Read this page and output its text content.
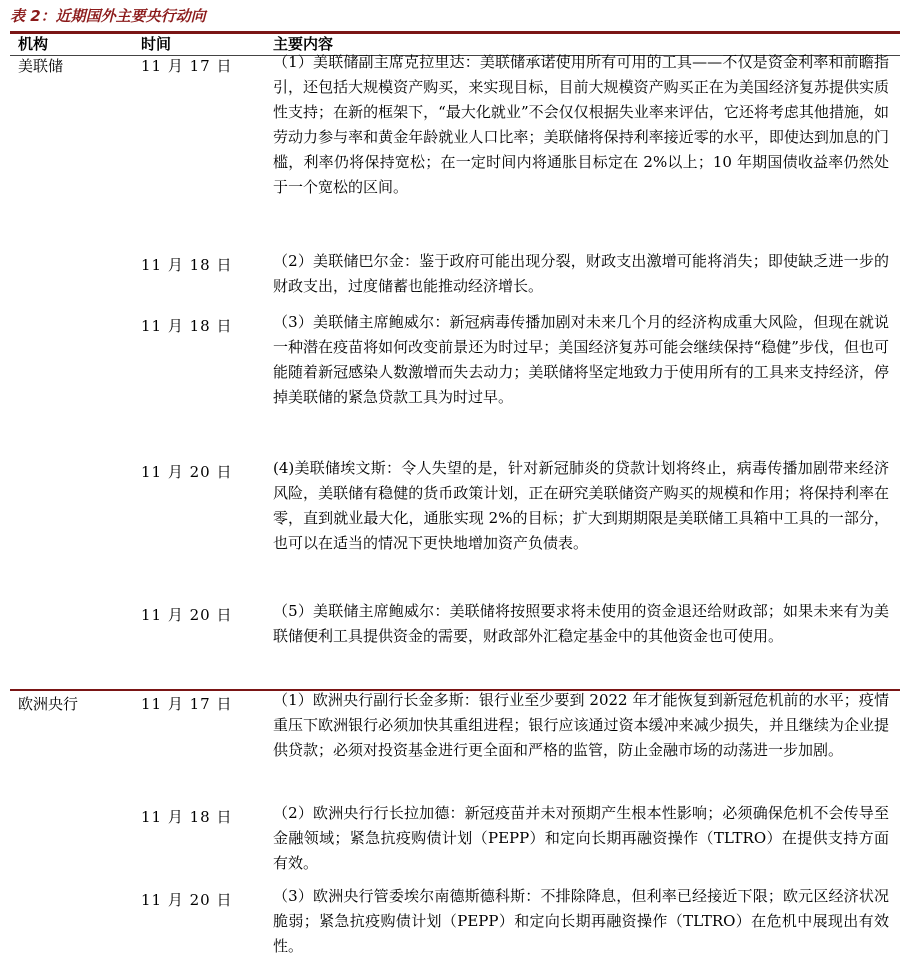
表 2：近期国外主要央行动向
机构	时间	主要内容
美联储	11 月 17 日	（1）美联储副主席克拉里达：美联储承诺使用所有可用的工具——不仅是资金利率和前瞻指引，还包括大规模资产购买，来实现目标，目前大规模资产购买正在为美国经济复苏提供实质性支持；在新的框架下，“最大化就业”不会仅仅根据失业率来评估，它还将考虑其他措施，如劳动力参与率和黄金年龄就业人口比率；美联储将保持利率接近零的水平，即使达到加息的门槛，利率仍将保持宽松；在一定时间内将通胀目标定在 2%以上；10 年期国债收益率仍然处于一个宽松的区间。
11 月 18 日	（2）美联储巴尔金：鉴于政府可能出现分裂，财政支出激增可能将消失；即使缺乏进一步的财政支出，过度储蓄也能推动经济增长。
11 月 18 日	（3）美联储主席鲍威尔：新冠病毒传播加剧对未来几个月的经济构成重大风险，但现在就说一种潜在疫苗将如何改变前景还为时过早；美国经济复苏可能会继续保持“稳健”步伐，但也可能随着新冠感染人数激增而失去动力；美联储将坚定地致力于使用所有的工具来支持经济，停掉美联储的紧急贷款工具为时过早。
11 月 20 日	(4)美联储埃文斯：令人失望的是，针对新冠肺炎的贷款计划将终止，病毒传播加剧带来经济风险，美联储有稳健的货币政策计划，正在研究美联储资产购买的规模和作用；将保持利率在零，直到就业最大化，通胀实现 2%的目标；扩大到期期限是美联储工具箱中工具的一部分，也可以在适当的情况下更快地增加资产负债表。
11 月 20 日	（5）美联储主席鲍威尔：美联储将按照要求将未使用的资金退还给财政部；如果未来有为美联储便利工具提供资金的需要，财政部外汇稳定基金中的其他资金也可使用。
欧洲央行	11 月 17 日	（1）欧洲央行副行长金多斯：银行业至少要到 2022 年才能恢复到新冠危机前的水平；疫情重压下欧洲银行必须加快其重组进程；银行应该通过资本缓冲来减少损失，并且继续为企业提供贷款；必须对投资基金进行更全面和严格的监管，防止金融市场的动荡进一步加剧。
11 月 18 日	（2）欧洲央行行长拉加德：新冠疫苗并未对预期产生根本性影响；必须确保危机不会传导至金融领域；紧急抗疫购债计划（PEPP）和定向长期再融资操作（TLTRO）在提供支持方面有效。
11 月 20 日	（3）欧洲央行管委埃尔南德斯德科斯：不排除降息，但利率已经接近下限；欧元区经济状况脆弱；紧急抗疫购债计划（PEPP）和定向长期再融资操作（TLTRO）在危机中展现出有效性。
